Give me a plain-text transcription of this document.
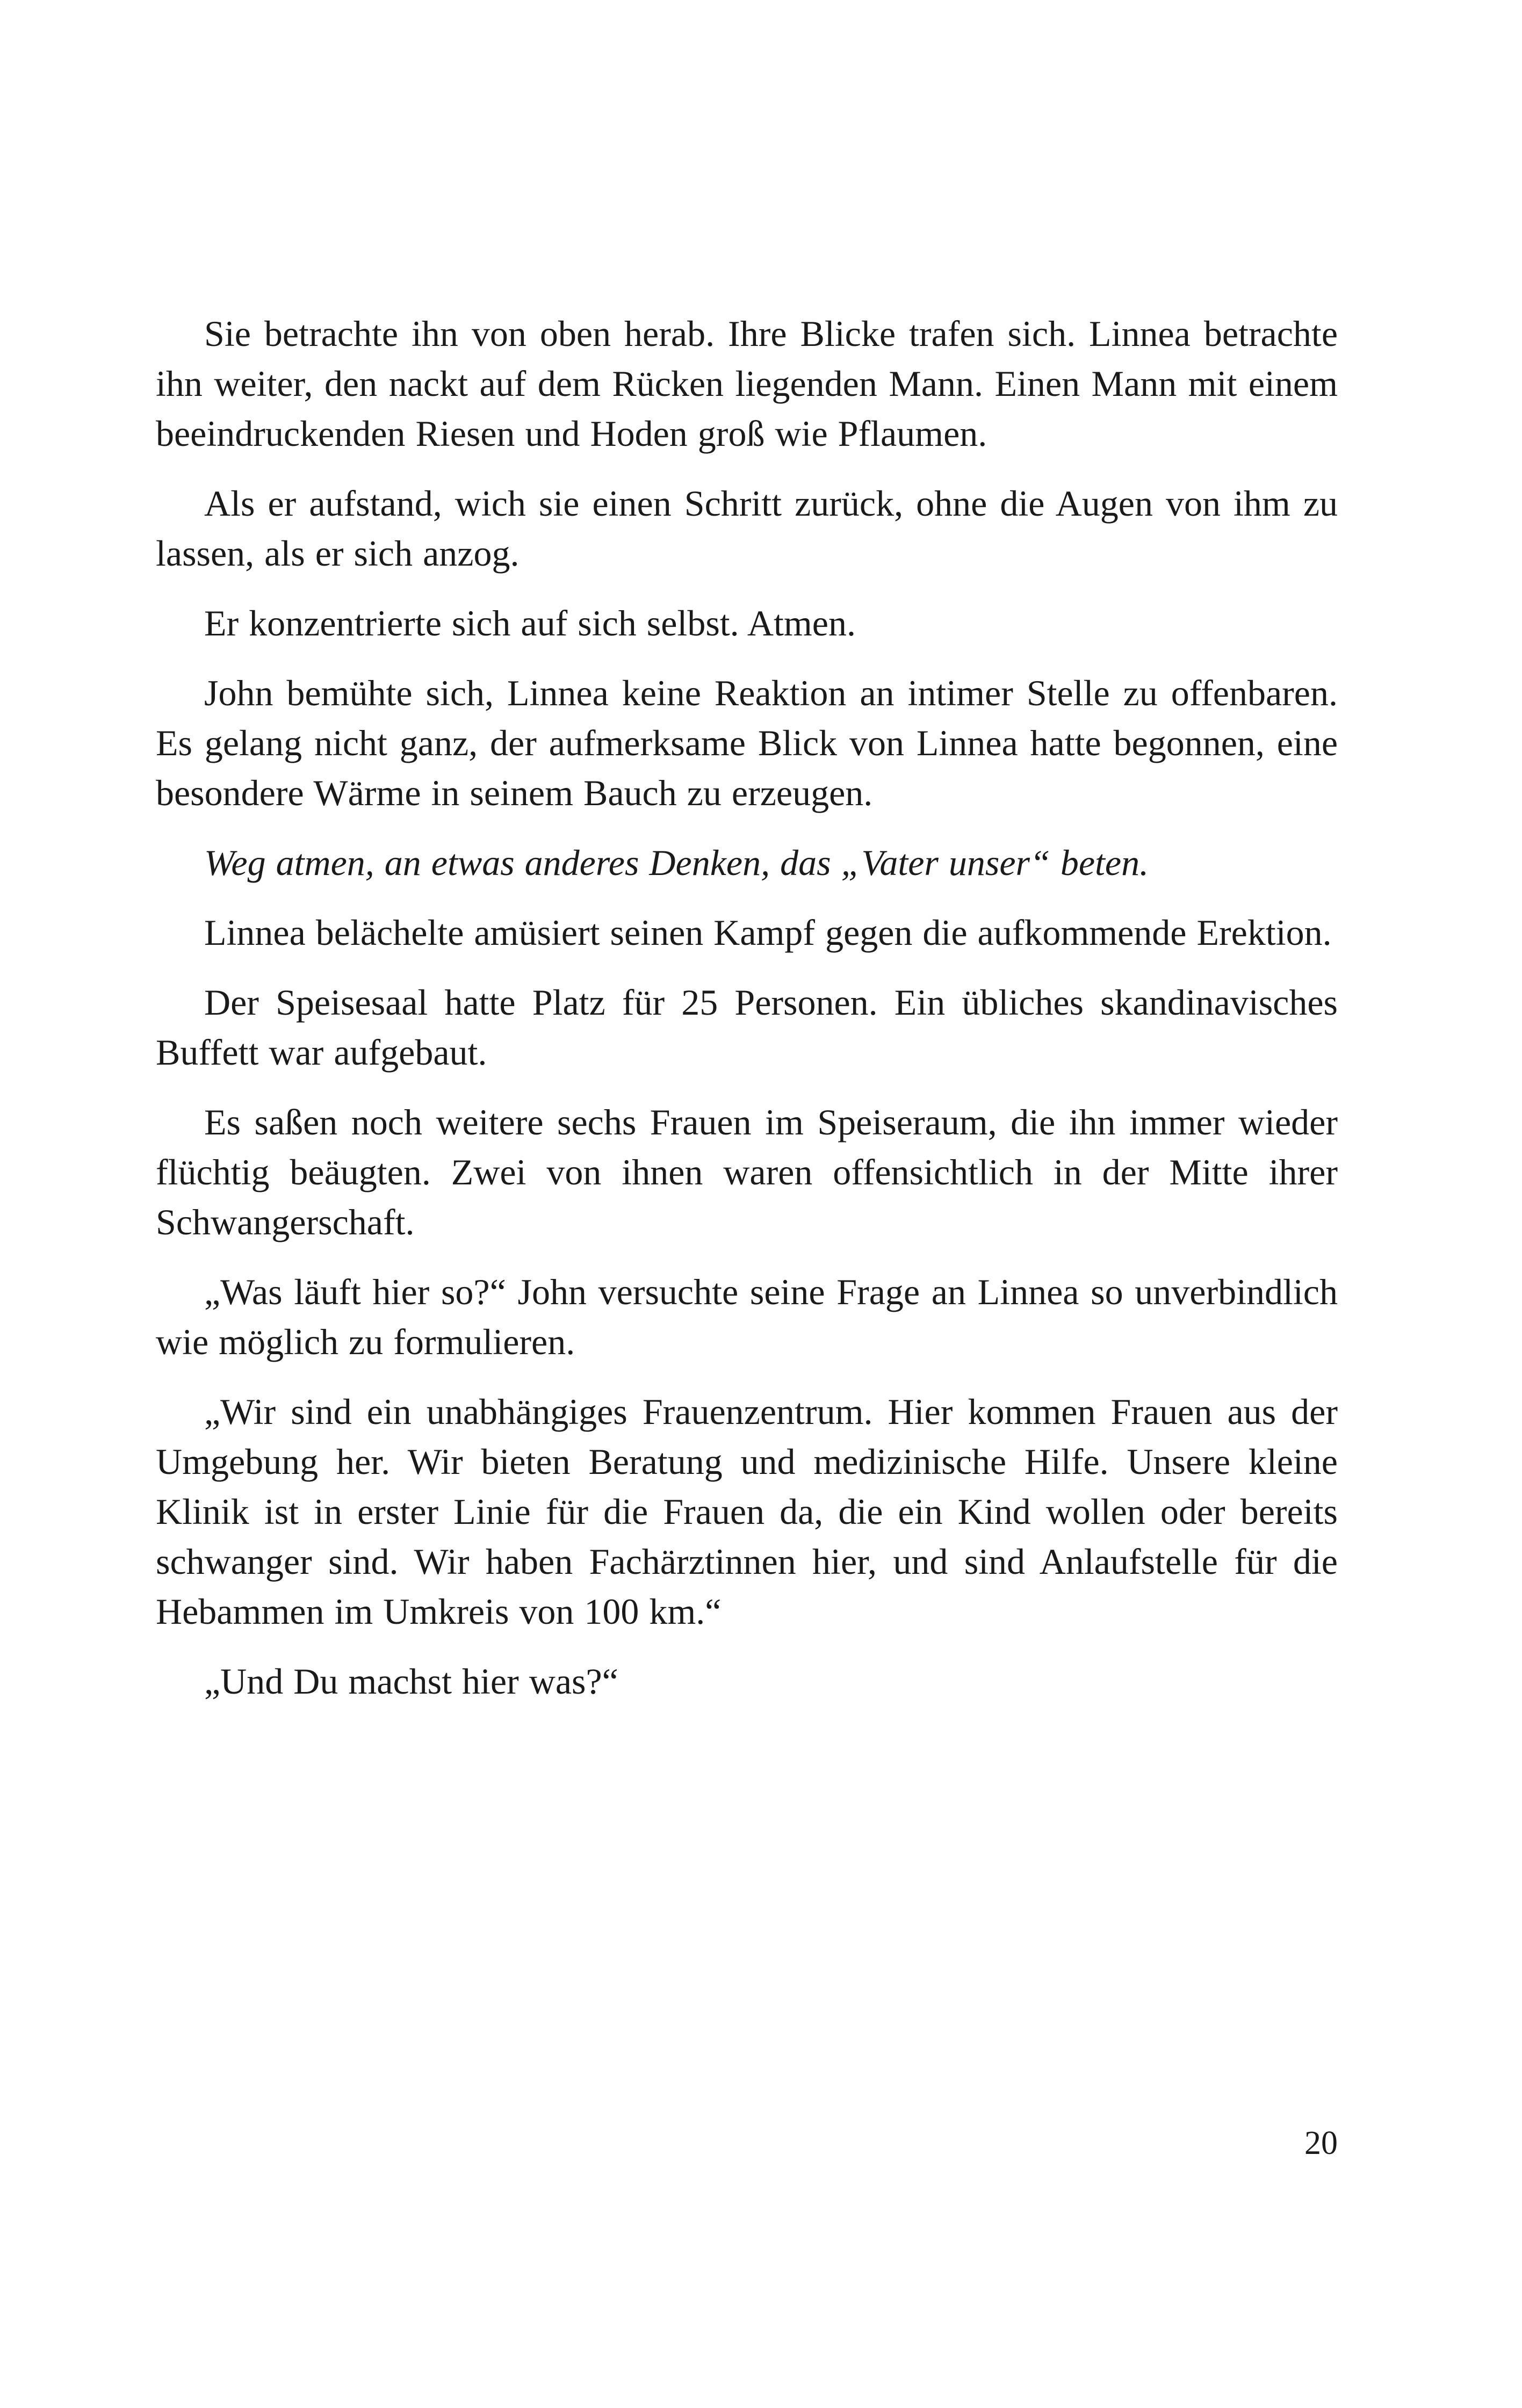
Sie betrachte ihn von oben herab. Ihre Blicke trafen sich. Linnea betrachte ihn weiter, den nackt auf dem Rücken liegenden Mann. Einen Mann mit einem beeindruckenden Riesen und Hoden groß wie Pflaumen.

Als er aufstand, wich sie einen Schritt zurück, ohne die Augen von ihm zu lassen, als er sich anzog.

Er konzentrierte sich auf sich selbst. Atmen.

John bemühte sich, Linnea keine Reaktion an intimer Stelle zu offenbaren. Es gelang nicht ganz, der aufmerksame Blick von Linnea hatte begonnen, eine besondere Wärme in seinem Bauch zu erzeugen.

Weg atmen, an etwas anderes Denken, das „Vater unser“ beten.

Linnea belächelte amüsiert seinen Kampf gegen die aufkommende Erektion.

Der Speisesaal hatte Platz für 25 Personen. Ein übliches skandinavisches Buffett war aufgebaut.

Es saßen noch weitere sechs Frauen im Speiseraum, die ihn immer wieder flüchtig beäugten. Zwei von ihnen waren offensichtlich in der Mitte ihrer Schwangerschaft.

„Was läuft hier so?“ John versuchte seine Frage an Linnea so unverbindlich wie möglich zu formulieren.

„Wir sind ein unabhängiges Frauenzentrum. Hier kommen Frauen aus der Umgebung her. Wir bieten Beratung und medizinische Hilfe. Unsere kleine Klinik ist in erster Linie für die Frauen da, die ein Kind wollen oder bereits schwanger sind. Wir haben Fachärztinnen hier, und sind Anlaufstelle für die Hebammen im Umkreis von 100 km.“

„Und Du machst hier was?“

20
